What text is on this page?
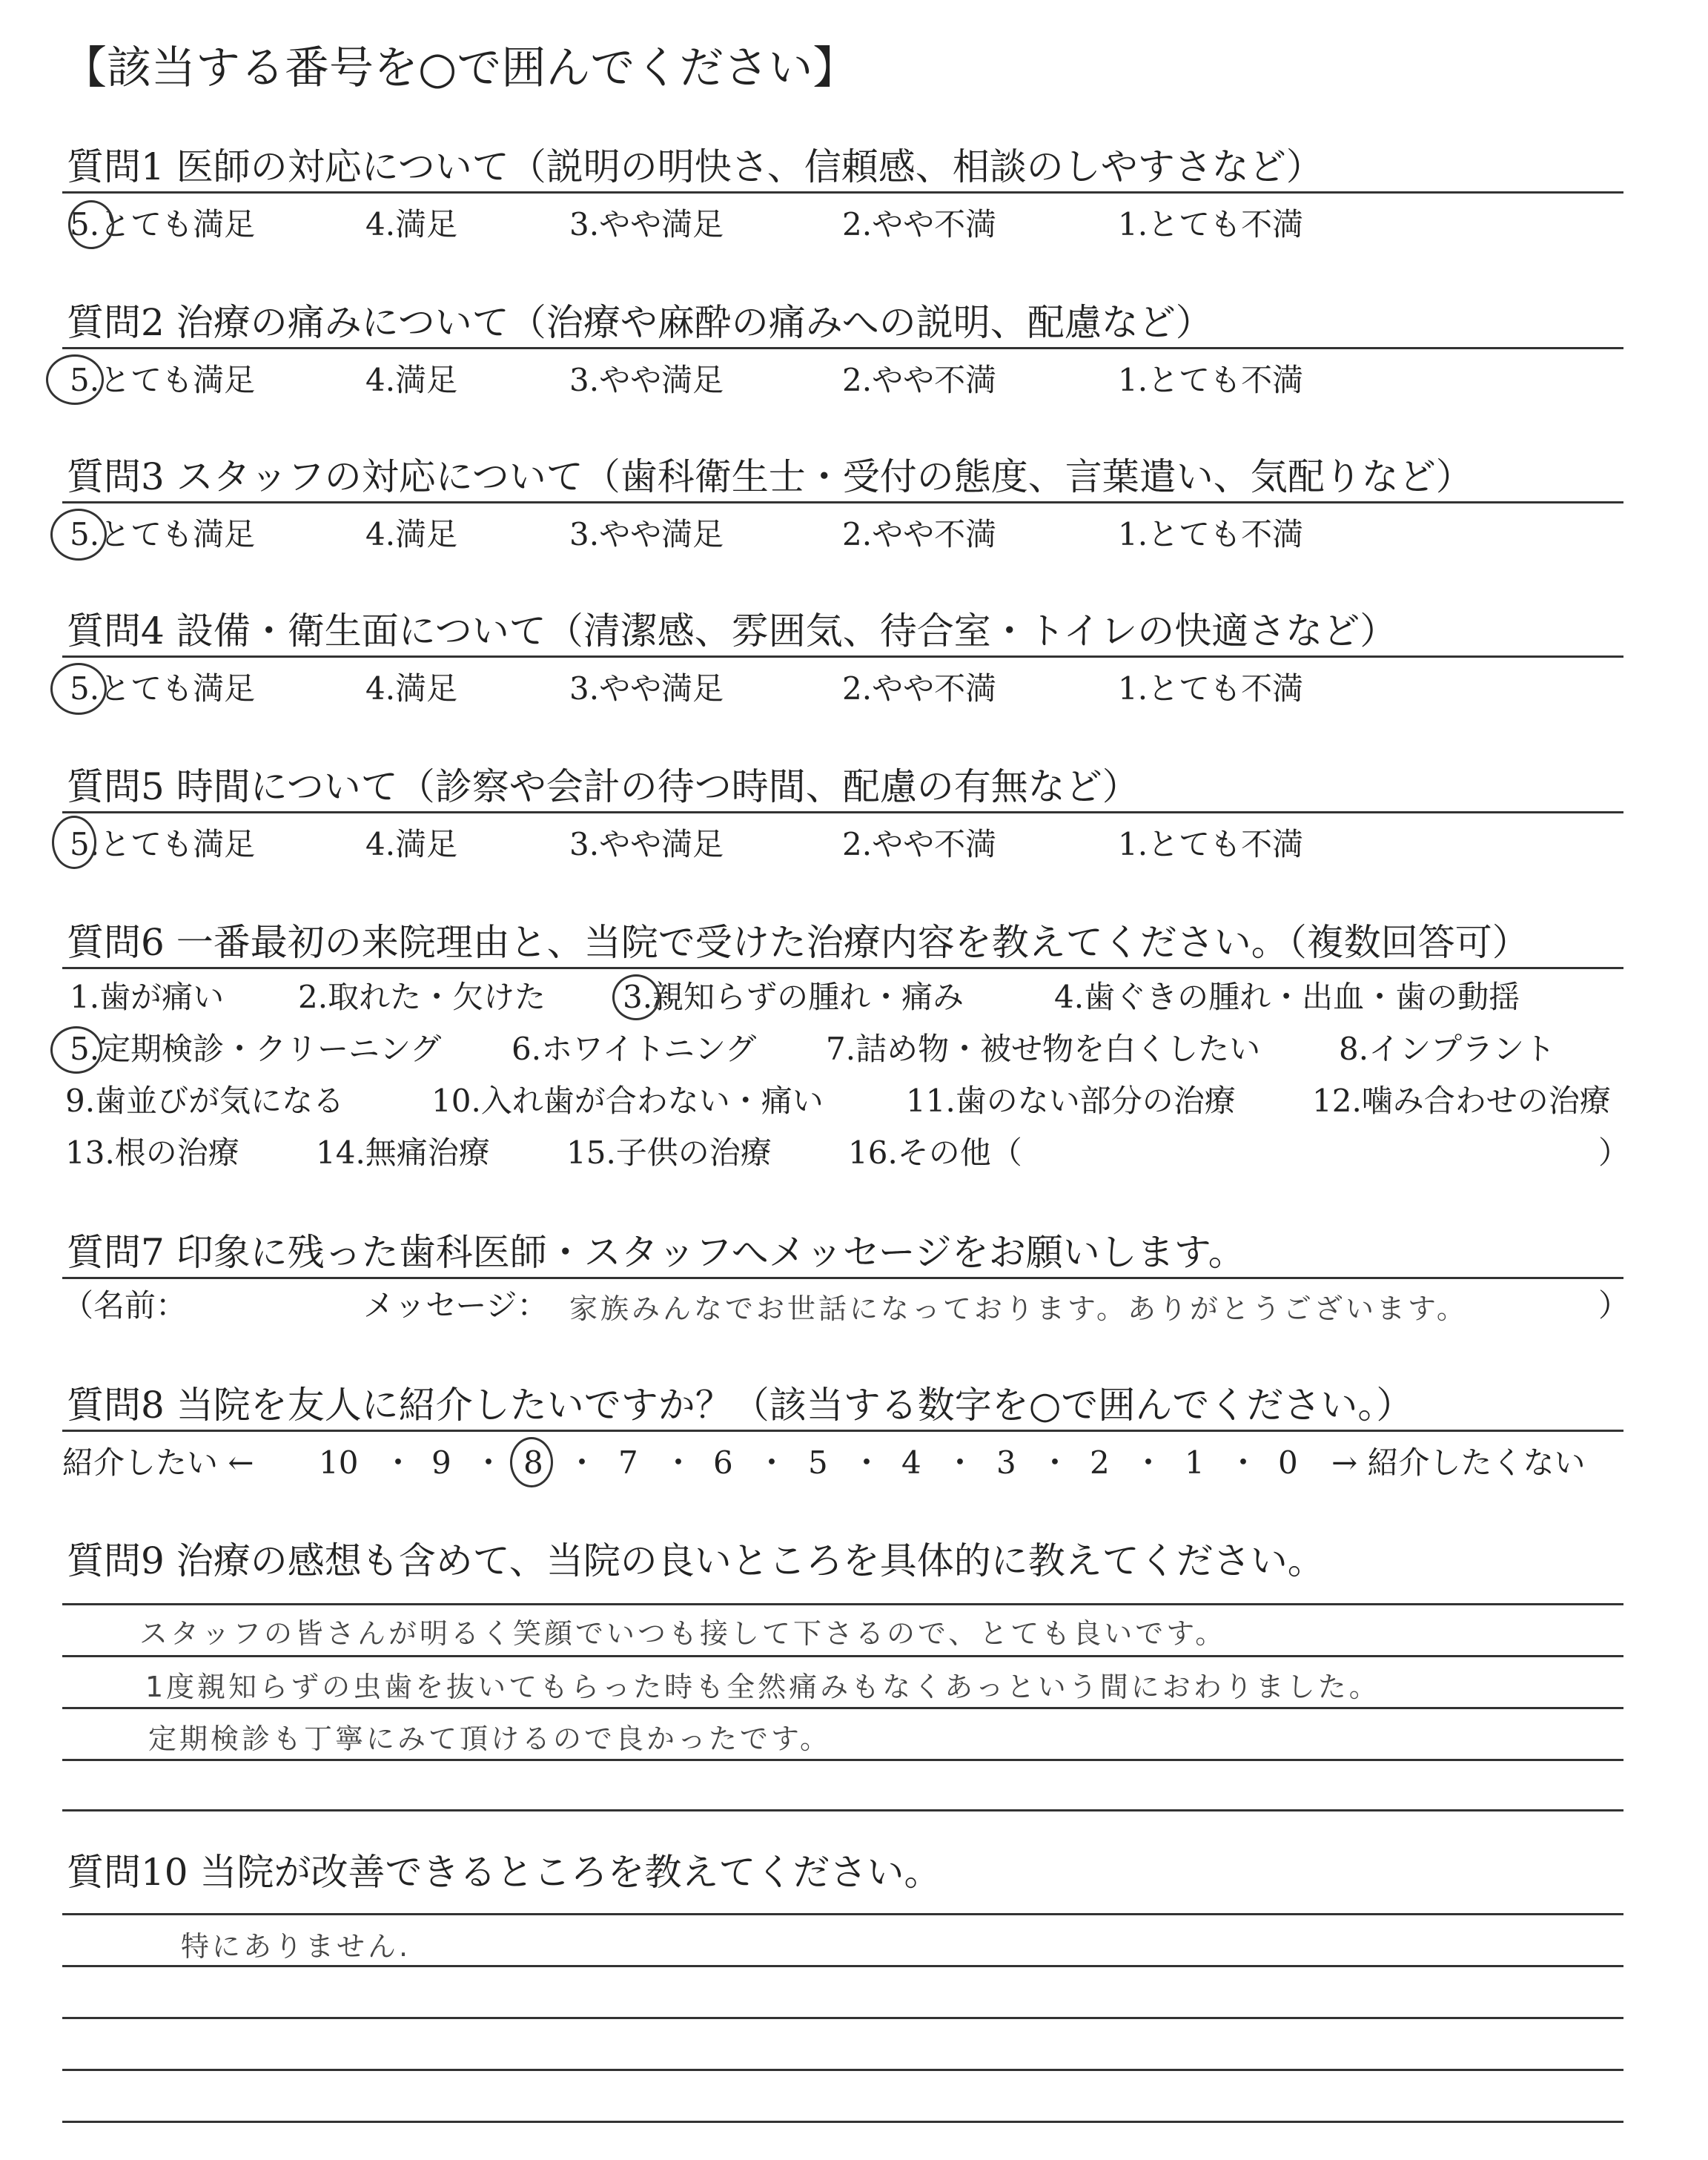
【該当する番号を○で囲んでください】
質問1 医師の対応について（説明の明快さ、信頼感、相談のしやすさなど）
5.とても満足	4.満足	3.やや満足	2.やや不満	1.とても不満
質問2 治療の痛みについて（治療や麻酔の痛みへの説明、配慮など）
5.とても満足	4.満足	3.やや満足	2.やや不満	1.とても不満
質問3 スタッフの対応について（歯科衛生士・受付の態度、言葉遣い、気配りなど）
5.とても満足	4.満足	3.やや満足	2.やや不満	1.とても不満
質問4 設備・衛生面について（清潔感、雰囲気、待合室・トイレの快適さなど）
5.とても満足	4.満足	3.やや満足	2.やや不満	1.とても不満
質問5 時間について（診察や会計の待つ時間、配慮の有無など）
5.とても満足	4.満足	3.やや満足	2.やや不満	1.とても不満
質問6 一番最初の来院理由と、当院で受けた治療内容を教えてください。（複数回答可）
1.歯が痛い 2.取れた・欠けた 3.親知らずの腫れ・痛み	4.歯ぐきの腫れ・出血・歯の動揺
5.定期検診・クリーニング 6.ホワイトニング 7.詰め物・被せ物を白くしたい	8.インプラント
9.歯並びが気になる	10.入れ歯が合わない・痛い	11.歯のない部分の治療 12.噛み合わせの治療
13.根の治療 14.無痛治療 15.子供の治療 16.その他（	）
質問7 印象に残った歯科医師・スタッフへメッセージをお願いします。
（名前：	メッセージ： 家族みんなでお世話になっております。ありがとうございます。	）
質問8 当院を友人に紹介したいですか？（該当する数字を○で囲んでください。）
紹介したい ← 10 ・ 9 ・ 8 ・ 7 ・ 6 ・ 5 ・ 4 ・ 3 ・ 2 ・ 1 ・ 0 → 紹介したくない
質問9 治療の感想も含めて、当院の良いところを具体的に教えてください。
スタッフの皆さんが明るく笑顔でいつも接して下さるので、とても良いです。
1度親知らずの虫歯を抜いてもらった時も全然痛みもなくあっという間におわりました。
定期検診も丁寧にみて頂けるので良かったです。
質問10 当院が改善できるところを教えてください。
特にありません.
